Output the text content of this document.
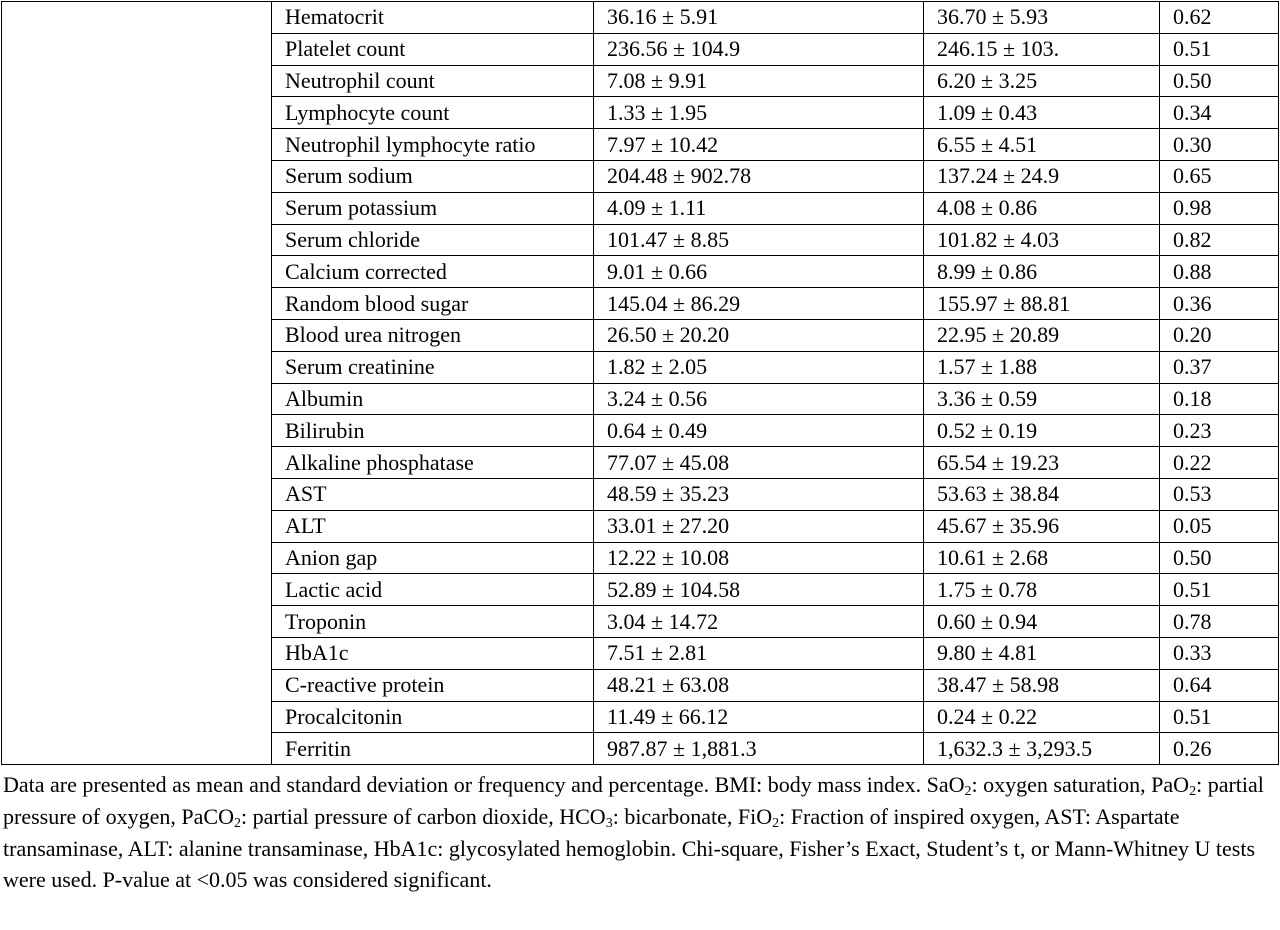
	Hematocrit	36.16 ± 5.91	36.70 ± 5.93	0.62
	Platelet count	236.56 ± 104.9	246.15 ± 103.	0.51
	Neutrophil count	7.08 ± 9.91	6.20 ± 3.25	0.50
	Lymphocyte count	1.33 ± 1.95	1.09 ± 0.43	0.34
	Neutrophil lymphocyte ratio	7.97 ± 10.42	6.55 ± 4.51	0.30
	Serum sodium	204.48 ± 902.78	137.24 ± 24.9	0.65
	Serum potassium	4.09 ± 1.11	4.08 ± 0.86	0.98
	Serum chloride	101.47 ± 8.85	101.82 ± 4.03	0.82
	Calcium corrected	9.01 ± 0.66	8.99 ± 0.86	0.88
	Random blood sugar	145.04 ± 86.29	155.97 ± 88.81	0.36
	Blood urea nitrogen	26.50 ± 20.20	22.95 ± 20.89	0.20
	Serum creatinine	1.82 ± 2.05	1.57 ± 1.88	0.37
	Albumin	3.24 ± 0.56	3.36 ± 0.59	0.18
	Bilirubin	0.64 ± 0.49	0.52 ± 0.19	0.23
	Alkaline phosphatase	77.07 ± 45.08	65.54 ± 19.23	0.22
	AST	48.59 ± 35.23	53.63 ± 38.84	0.53
	ALT	33.01 ± 27.20	45.67 ± 35.96	0.05
	Anion gap	12.22 ± 10.08	10.61 ± 2.68	0.50
	Lactic acid	52.89 ± 104.58	1.75 ± 0.78	0.51
	Troponin	3.04 ± 14.72	0.60 ± 0.94	0.78
	HbA1c	7.51 ± 2.81	9.80 ± 4.81	0.33
	C-reactive protein	48.21 ± 63.08	38.47 ± 58.98	0.64
	Procalcitonin	11.49 ± 66.12	0.24 ± 0.22	0.51
	Ferritin	987.87 ± 1,881.3	1,632.3 ± 3,293.5	0.26

Data are presented as mean and standard deviation or frequency and percentage. BMI: body mass index. SaO$_2$: oxygen saturation, PaO$_2$: partial pressure of oxygen, PaCO$_2$: partial pressure of carbon dioxide, $HCO_3$: bicarbonate, FiO$_2$: Fraction of inspired oxygen, AST: Aspartate transaminase, ALT: alanine transaminase, HbA1c: glycosylated hemoglobin. Chi-square, Fisher’s Exact, Student’s t, or Mann-Whitney U tests were used. P-value at <0.05 was considered significant.
